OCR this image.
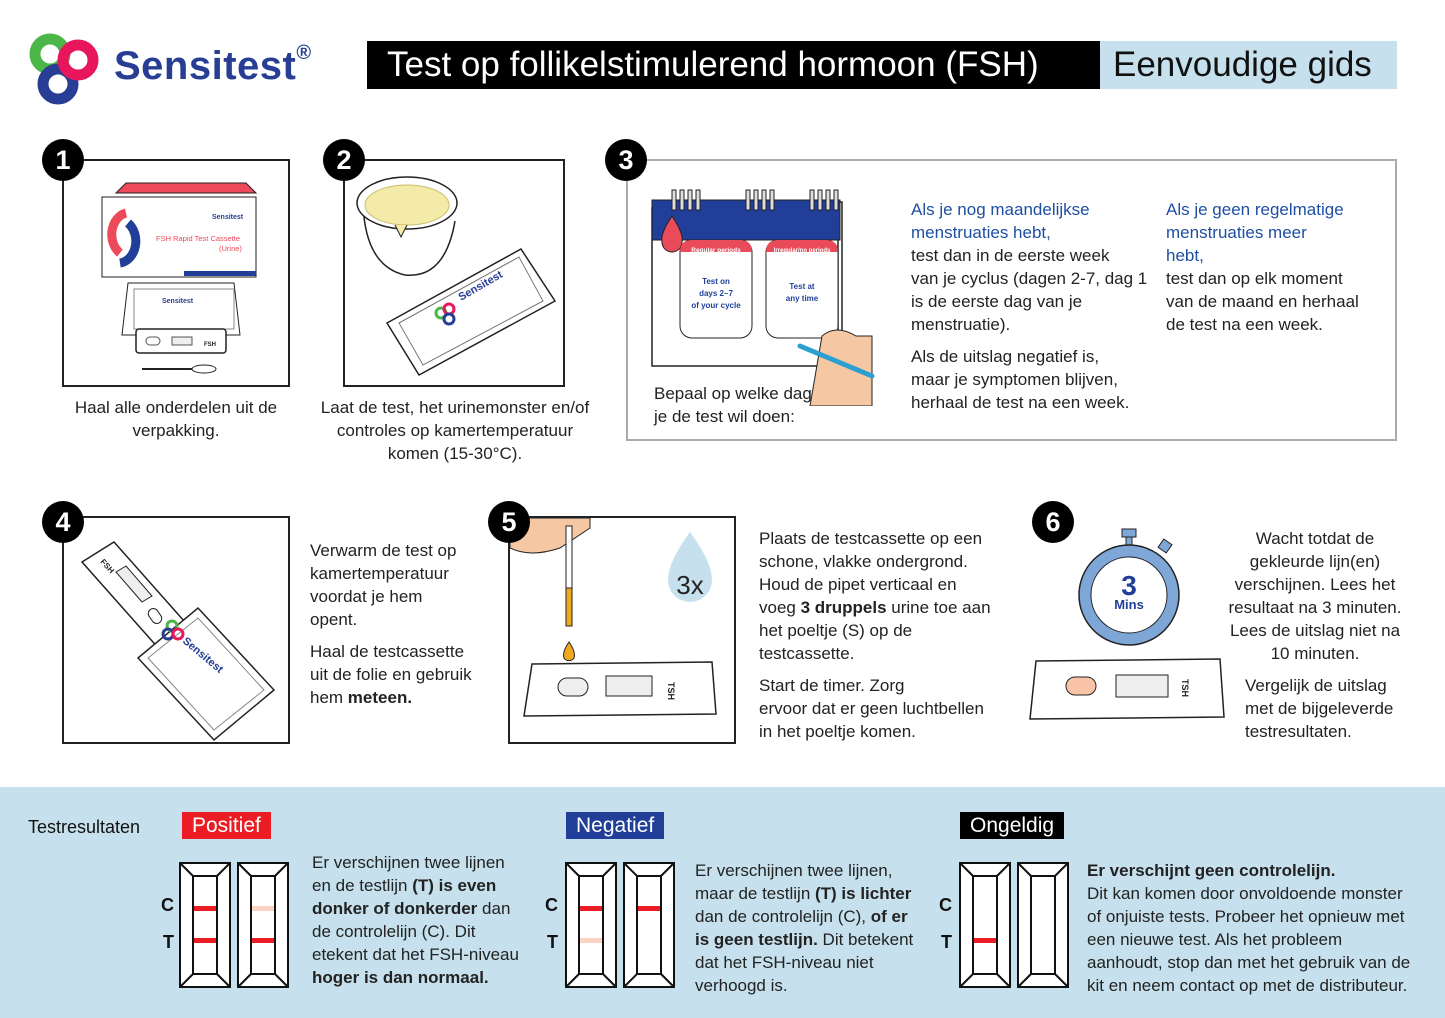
Sensitest®	Test op follikelstimulerend hormoon (FSH)	Eenvoudige gids
1
Sensitest
FSH Rapid Test Cassette
(Urine)
Sensitest
FSH
Haal alle onderdelen uit de
verpakking.
2
Sensitest
Laat de test, het urinemonster en/of
controles op kamertemperatuur
komen (15-30°C).
3
Regular periods
Test on
days 2–7
of your cycle
Irregular/no periods
Test at
any time
Bepaal op welke dag
je de test wil doen:
Als je nog maandelijkse
menstruaties hebt,
test dan in de eerste week
van je cyclus (dagen 2-7, dag 1
is de eerste dag van je
menstruatie).
Als de uitslag negatief is,
maar je symptomen blijven,
herhaal de test na een week.
Als je geen regelmatige
menstruaties meer
hebt,
test dan op elk moment
van de maand en herhaal
de test na een week.
4
FSH
Sensitest
Verwarm de test op
kamertemperatuur
voordat je hem
opent.
Haal de testcassette
uit de folie en gebruik
hem meteen.
5
3x
TSH
Plaats de testcassette op een
schone, vlakke ondergrond.
Houd de pipet verticaal en
voeg 3 druppels urine toe aan
het poeltje (S) op de
testcassette.
Start de timer. Zorg
ervoor dat er geen luchtbellen
in het poeltje komen.
6
3
Mins
TSH
Wacht totdat de
gekleurde lijn(en)
verschijnen. Lees het
resultaat na 3 minuten.
Lees de uitslag niet na
10 minuten.
Vergelijk de uitslag
met de bijgeleverde
testresultaten.
Testresultaten	Positief
C
T
Er verschijnen twee lijnen
en de testlijn (T) is even
donker of donkerder dan
de controlelijn (C). Dit
etekent dat het FSH-niveau
hoger is dan normaal.
Negatief
C
T
Er verschijnen twee lijnen,
maar de testlijn (T) is lichter
dan de controlelijn (C), of er
is geen testlijn. Dit betekent
dat het FSH-niveau niet
verhoogd is.
Ongeldig
C
T
Er verschijnt geen controlelijn.
Dit kan komen door onvoldoende monster
of onjuiste tests. Probeer het opnieuw met
een nieuwe test. Als het probleem
aanhoudt, stop dan met het gebruik van de
kit en neem contact op met de distributeur.
